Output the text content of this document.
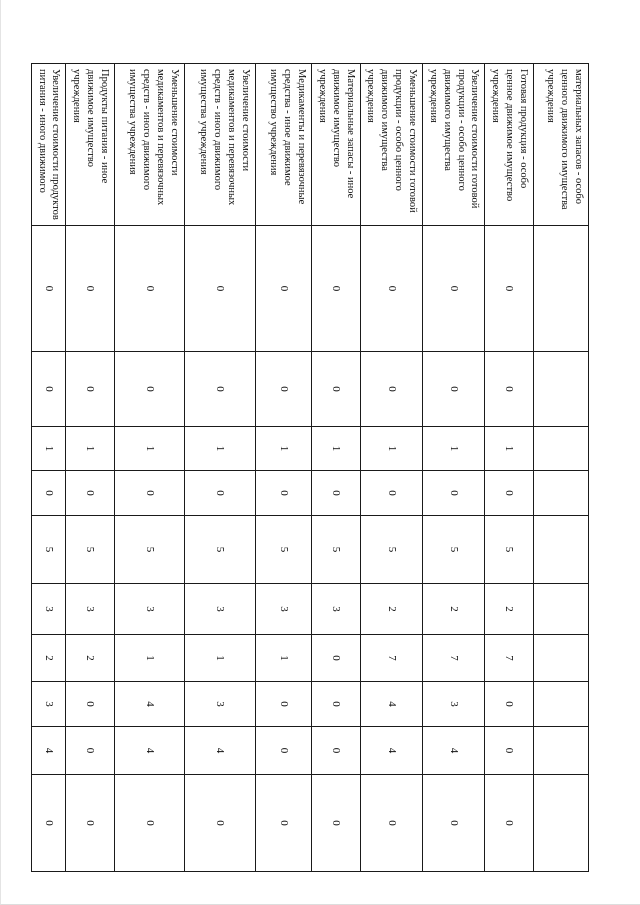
материальных запасов - особо ценного движимого имущества учреждения										
Готовая продукция - особо ценное движимое имущество учреждения	0	0	1	0	5	2	7	0	0	0
Увеличение стоимости готовой продукции - особо ценного движимого имущества учреждения	0	0	1	0	5	2	7	3	4	0
Уменьшение стоимости готовой продукции - особо ценного движимого имущества учреждения	0	0	1	0	5	2	7	4	4	0
Материальные запасы - иное движимое имущество учреждения	0	0	1	0	5	3	0	0	0	0
Медикаменты и перевязочные средства - иное движимое имущество учреждения	0	0	1	0	5	3	1	0	0	0
Увеличение стоимости медикаментов и перевязочных средств - иного движимого имущества учреждения	0	0	1	0	5	3	1	3	4	0
Уменьшение стоимости медикаментов и перевязочных средств - иного движимого имущества учреждения	0	0	1	0	5	3	1	4	4	0
Продукты питания - иное движимое имущество учреждения	0	0	1	0	5	3	2	0	0	0
Увеличение стоимости продуктов питания - иного движимого	0	0	1	0	5	3	2	3	4	0
